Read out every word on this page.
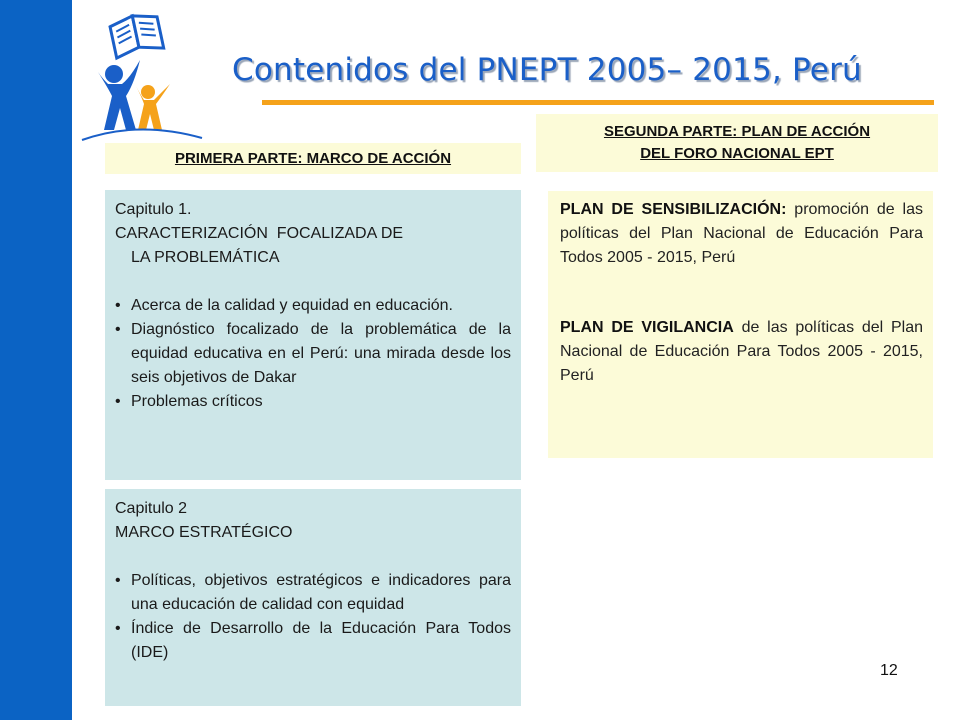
Contenidos del PNEPT 2005– 2015, Perú
PRIMERA PARTE: MARCO DE ACCIÓN
SEGUNDA PARTE: PLAN DE ACCIÓN
DEL FORO NACIONAL EPT
Capitulo 1.
CARACTERIZACIÓN  FOCALIZADA DE
LA PROBLEMÁTICA
• Acerca de la calidad y equidad en educación.
• Diagnóstico focalizado de la problemática de la equidad educativa en el Perú: una mirada desde los seis objetivos de Dakar
• Problemas críticos
Capitulo 2
MARCO ESTRATÉGICO
• Políticas, objetivos estratégicos e indicadores para una educación de calidad con equidad
• Índice de Desarrollo de la Educación Para Todos (IDE)

PLAN DE SENSIBILIZACIÓN: promoción de las políticas del Plan Nacional de Educación Para Todos 2005 - 2015, Perú

PLAN DE VIGILANCIA de las políticas del Plan Nacional de Educación Para Todos 2005 - 2015, Perú

12
